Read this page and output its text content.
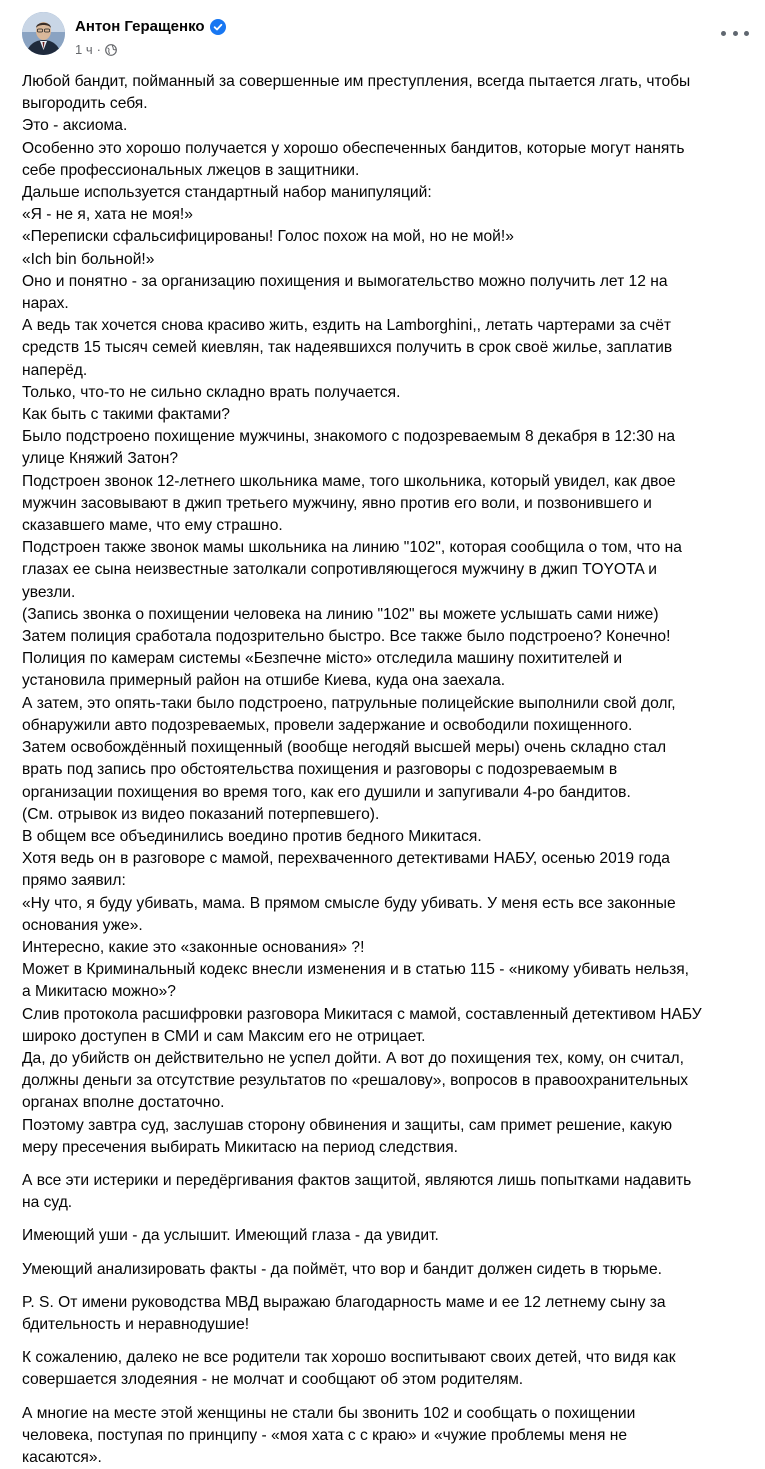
Антон Геращенко
1 ч ·
Любой бандит, пойманный за совершенные им преступления, всегда пытается лгать, чтобы
выгородить себя.
Это - аксиома.
Особенно это хорошо получается у хорошо обеспеченных бандитов, которые могут нанять
себе профессиональных лжецов в защитники.
Дальше используется стандартный набор манипуляций:
«Я - не я, хата не моя!»
«Переписки сфальсифицированы! Голос похож на мой, но не мой!»
«Ich bin больной!»
Оно и понятно - за организацию похищения и вымогательство можно получить лет 12 на
нарах.
А ведь так хочется снова красиво жить, ездить на Lamborghini,, летать чартерами за счёт
средств 15 тысяч семей киевлян, так надеявшихся получить в срок своё жилье, заплатив
наперёд.
Только, что-то не сильно складно врать получается.
Как быть с такими фактами?
Было подстроено похищение мужчины, знакомого с подозреваемым 8 декабря в 12:30 на
улице Княжий Затон?
Подстроен звонок 12-летнего школьника маме, того школьника, который увидел, как двое
мужчин засовывают в джип третьего мужчину, явно против его воли, и позвонившего и
сказавшего маме, что ему страшно.
Подстроен также звонок мамы школьника на линию "102", которая сообщила о том, что на
глазах ее сына неизвестные затолкали сопротивляющегося мужчину в джип TOYOTA и
увезли.
(Запись звонка о похищении человека на линию "102" вы можете услышать сами ниже)
Затем полиция сработала подозрительно быстро. Все также было подстроено? Конечно!
Полиция по камерам системы «Безпечне місто» отследила машину похитителей и
установила примерный район на отшибе Киева, куда она заехала.
А затем, это опять-таки было подстроено, патрульные полицейские выполнили свой долг,
обнаружили авто подозреваемых, провели задержание и освободили похищенного.
Затем освобождённый похищенный (вообще негодяй высшей меры) очень складно стал
врать под запись про обстоятельства похищения и разговоры с подозреваемым в
организации похищения во время того, как его душили и запугивали 4-ро бандитов.
(См. отрывок из видео показаний потерпевшего).
В общем все объединились воедино против бедного Микитася.
Хотя ведь он в разговоре с мамой, перехваченного детективами НАБУ, осенью 2019 года
прямо заявил:
«Ну что, я буду убивать, мама. В прямом смысле буду убивать. У меня есть все законные
основания уже».
Интересно, какие это «законные основания» ?!
Может в Криминальный кодекс внесли изменения и в статью 115 - «никому убивать нельзя,
а Микитасю можно»?
Слив протокола расшифровки разговора Микитася с мамой, составленный детективом НАБУ
широко доступен в СМИ и сам Максим его не отрицает.
Да, до убийств он действительно не успел дойти. А вот до похищения тех, кому, он считал,
должны деньги за отсутствие результатов по «решалову», вопросов в правоохранительных
органах вполне достаточно.
Поэтому завтра суд, заслушав сторону обвинения и защиты, сам примет решение, какую
меру пресечения выбирать Микитасю на период следствия.
А все эти истерики и передёргивания фактов защитой, являются лишь попытками надавить
на суд.
Имеющий уши - да услышит. Имеющий глаза - да увидит.
Умеющий анализировать факты - да поймёт, что вор и бандит должен сидеть в тюрьме.
P. S. От имени руководства МВД выражаю благодарность маме и ее 12 летнему сыну за
бдительность и неравнодушие!
К сожалению, далеко не все родители так хорошо воспитывают своих детей, что видя как
совершается злодеяния - не молчат и сообщают об этом родителям.
А многие на месте этой женщины не стали бы звонить 102 и сообщать о похищении
человека, поступая по принципу - «моя хата с с краю» и «чужие проблемы меня не
касаются».
